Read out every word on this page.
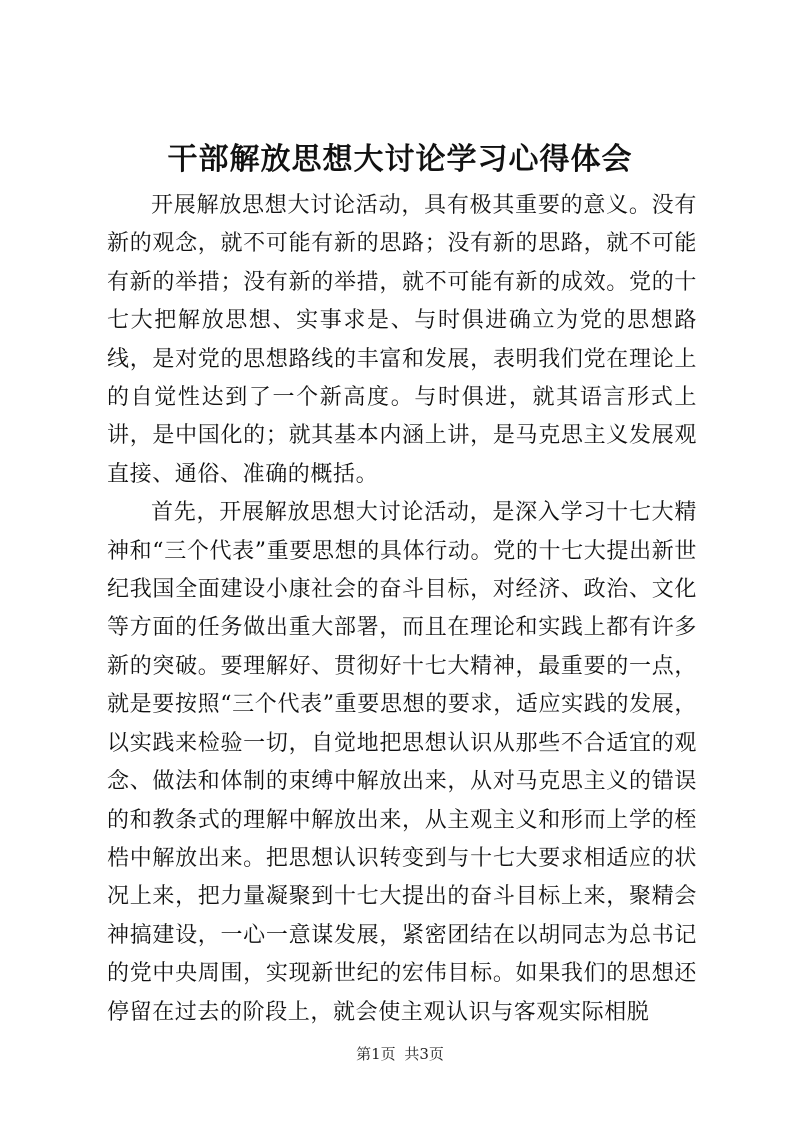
干部解放思想大讨论学习心得体会

开展解放思想大讨论活动，具有极其重要的意义。没有新的观念，就不可能有新的思路；没有新的思路，就不可能有新的举措；没有新的举措，就不可能有新的成效。党的十七大把解放思想、实事求是、与时俱进确立为党的思想路线，是对党的思想路线的丰富和发展，表明我们党在理论上的自觉性达到了一个新高度。与时俱进，就其语言形式上讲，是中国化的；就其基本内涵上讲，是马克思主义发展观直接、通俗、准确的概括。

首先，开展解放思想大讨论活动，是深入学习十七大精神和“三个代表”重要思想的具体行动。党的十七大提出新世纪我国全面建设小康社会的奋斗目标，对经济、政治、文化等方面的任务做出重大部署，而且在理论和实践上都有许多新的突破。要理解好、贯彻好十七大精神，最重要的一点，就是要按照“三个代表”重要思想的要求，适应实践的发展，以实践来检验一切，自觉地把思想认识从那些不合适宜的观念、做法和体制的束缚中解放出来，从对马克思主义的错误的和教条式的理解中解放出来，从主观主义和形而上学的桎梏中解放出来。把思想认识转变到与十七大要求相适应的状况上来，把力量凝聚到十七大提出的奋斗目标上来，聚精会神搞建设，一心一意谋发展，紧密团结在以胡同志为总书记的党中央周围，实现新世纪的宏伟目标。如果我们的思想还停留在过去的阶段上，就会使主观认识与客观实际相脱

第1页 共3页
